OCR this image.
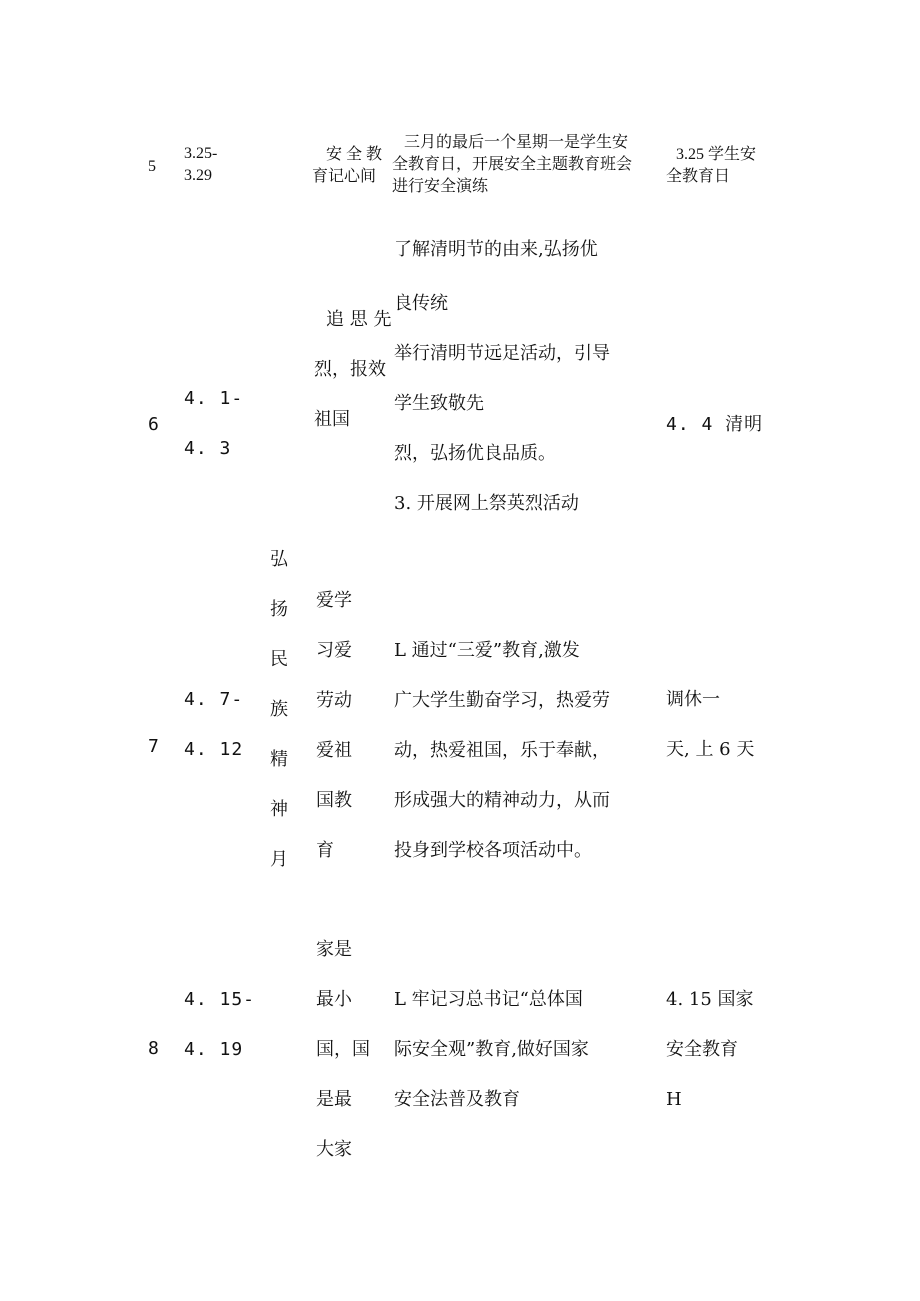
5
3.25-
3.29
安 全 教
育记心间
三月的最后一个星期一是学生安
全教育日，开展安全主题教育班会
进行安全演练
3.25 学生安
全教育日
6
4. 1-
4. 3
追 思 先
烈，报效
祖国
了解清明节的由来,弘扬优
良传统
举行清明节远足活动，引导
学生致敬先
烈，弘扬优良品质。
3. 开展网上祭英烈活动
4. 4 清明
7
弘
扬
民
族
精
神
月
4. 7-
4. 12
爱学
习爱
劳动
爱祖
国教
育
L 通过“三爱”教育,激发
广大学生勤奋学习，热爱劳
动，热爱祖国，乐于奉献，
形成强大的精神动力，从而
投身到学校各项活动中。
调休一
天, 上 6 天
8
4. 15-
4. 19
家是
最小
国，国
是最
大家
L 牢记习总书记“总体国
际安全观”教育,做好国家
安全法普及教育
4. 15 国家
安全教育
H
